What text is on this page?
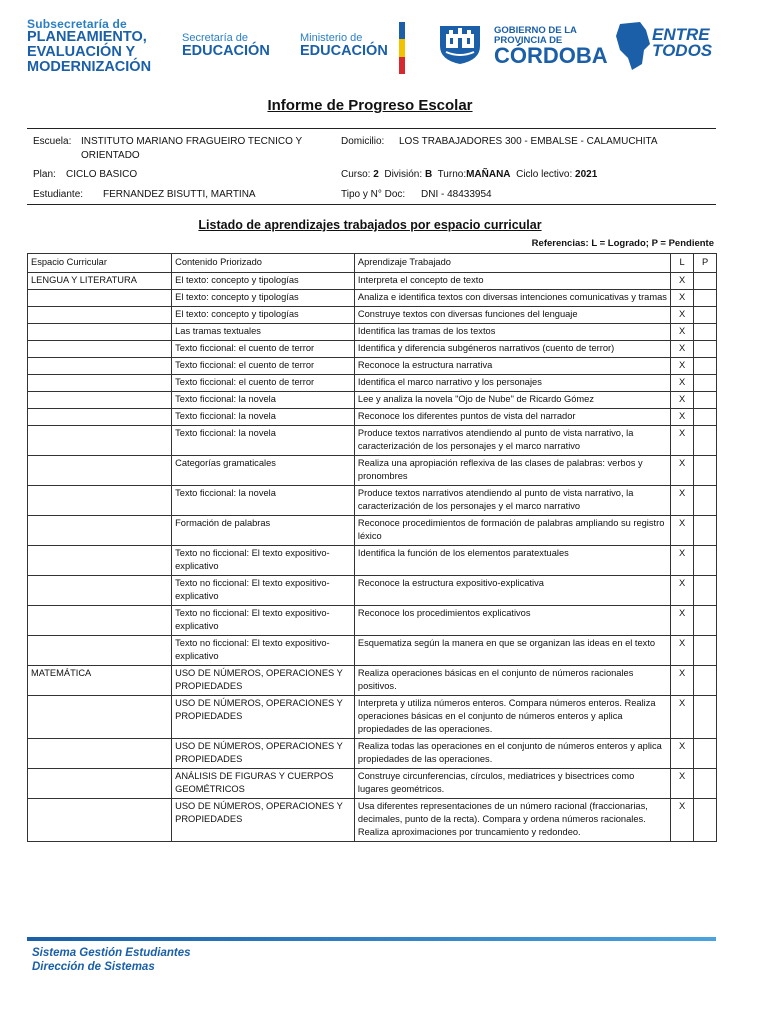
Subsecretaría de
PLANEAMIENTO,
EVALUACIÓN Y
MODERNIZACIÓN
Secretaría de
EDUCACIÓN
Ministerio de
EDUCACIÓN
GOBIERNO DE LA
PROVINCIA DE
CÓRDOBA
ENTRE
TODOS
Informe de Progreso Escolar
Escuela: INSTITUTO MARIANO FRAGUEIRO TECNICO Y
ORIENTADO
Domicilio: LOS TRABAJADORES 300 - EMBALSE - CALAMUCHITA
Plan: CICLO BASICO	Curso: 2 División: B Turno:MAÑANA Ciclo lectivo: 2021
Estudiante: FERNANDEZ BISUTTI, MARTINA	Tipo y N° Doc: DNI - 48433954
Listado de aprendizajes trabajados por espacio curricular
Referencias: L = Logrado; P = Pendiente
Espacio Curricular	Contenido Priorizado	Aprendizaje Trabajado	L	P
LENGUA Y LITERATURA	El texto: concepto y tipologías	Interpreta el concepto de texto	X	
	El texto: concepto y tipologías	Analiza e identifica textos con diversas intenciones comunicativas y tramas	X	
	El texto: concepto y tipologías	Construye textos con diversas funciones del lenguaje	X	
	Las tramas textuales	Identifica las tramas de los textos	X	
	Texto ficcional: el cuento de terror	Identifica y diferencia subgéneros narrativos (cuento de terror)	X	
	Texto ficcional: el cuento de terror	Reconoce la estructura narrativa	X	
	Texto ficcional: el cuento de terror	Identifica el marco narrativo y los personajes	X	
	Texto ficcional: la novela	Lee y analiza la novela "Ojo de Nube" de Ricardo Gómez	X	
	Texto ficcional: la novela	Reconoce los diferentes puntos de vista del narrador	X	
	Texto ficcional: la novela	Produce textos narrativos atendiendo al punto de vista narrativo, la caracterización de los personajes y el marco narrativo	X	
	Categorías gramaticales	Realiza una apropiación reflexiva de las clases de palabras: verbos y pronombres	X	
	Texto ficcional: la novela	Produce textos narrativos atendiendo al punto de vista narrativo, la caracterización de los personajes y el marco narrativo	X	
	Formación de palabras	Reconoce procedimientos de formación de palabras ampliando su registro léxico	X	
	Texto no ficcional: El texto expositivo-explicativo	Identifica la función de los elementos paratextuales	X	
	Texto no ficcional: El texto expositivo-explicativo	Reconoce la estructura expositivo-explicativa	X	
	Texto no ficcional: El texto expositivo-explicativo	Reconoce los procedimientos explicativos	X	
	Texto no ficcional: El texto expositivo-explicativo	Esquematiza según la manera en que se organizan las ideas en el texto	X	
MATEMÁTICA	USO DE NÚMEROS, OPERACIONES Y PROPIEDADES	Realiza operaciones básicas en el conjunto de números racionales positivos.	X	
	USO DE NÚMEROS, OPERACIONES Y PROPIEDADES	Interpreta y utiliza números enteros. Compara números enteros. Realiza operaciones básicas en el conjunto de números enteros y aplica propiedades de las operaciones.	X	
	USO DE NÚMEROS, OPERACIONES Y PROPIEDADES	Realiza todas las operaciones en el conjunto de números enteros y aplica propiedades de las operaciones.	X	
	ANÁLISIS DE FIGURAS Y CUERPOS GEOMÉTRICOS	Construye circunferencias, círculos, mediatrices y bisectrices como lugares geométricos.	X	
	USO DE NÚMEROS, OPERACIONES Y PROPIEDADES	Usa diferentes representaciones de un número racional (fraccionarias, decimales, punto de la recta). Compara y ordena números racionales. Realiza aproximaciones por truncamiento y redondeo.	X	
Sistema Gestión Estudiantes
Dirección de Sistemas
